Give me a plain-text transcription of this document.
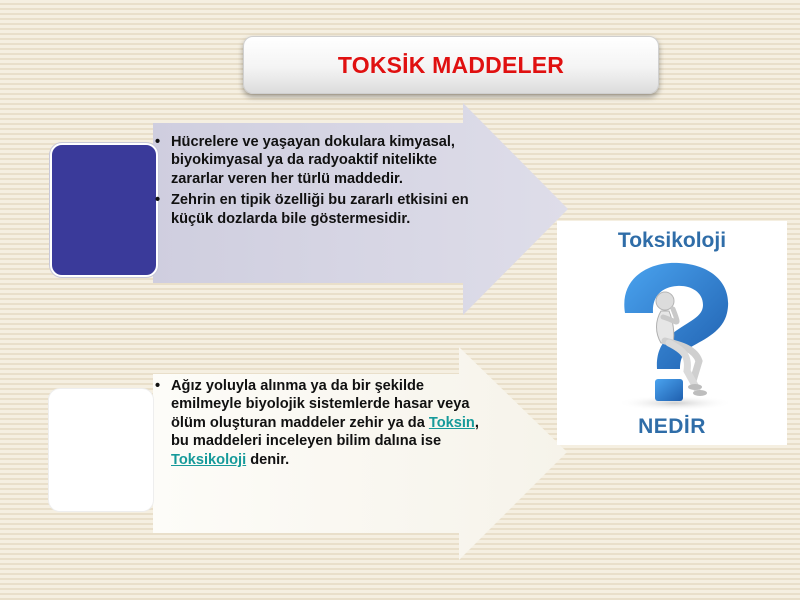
TOKSİK MADDELER
• Hücrelere ve yaşayan dokulara kimyasal, biyokimyasal ya da radyoaktif nitelikte zararlar veren her türlü maddedir.
• Zehrin en tipik özelliği bu zararlı etkisini en küçük dozlarda bile göstermesidir.
• Ağız yoluyla alınma ya da bir şekilde emilmeyle biyolojik sistemlerde hasar veya ölüm oluşturan maddeler zehir ya da Toksin, bu maddeleri inceleyen bilim dalına ise Toksikoloji denir.
Toksikoloji
NEDİR
